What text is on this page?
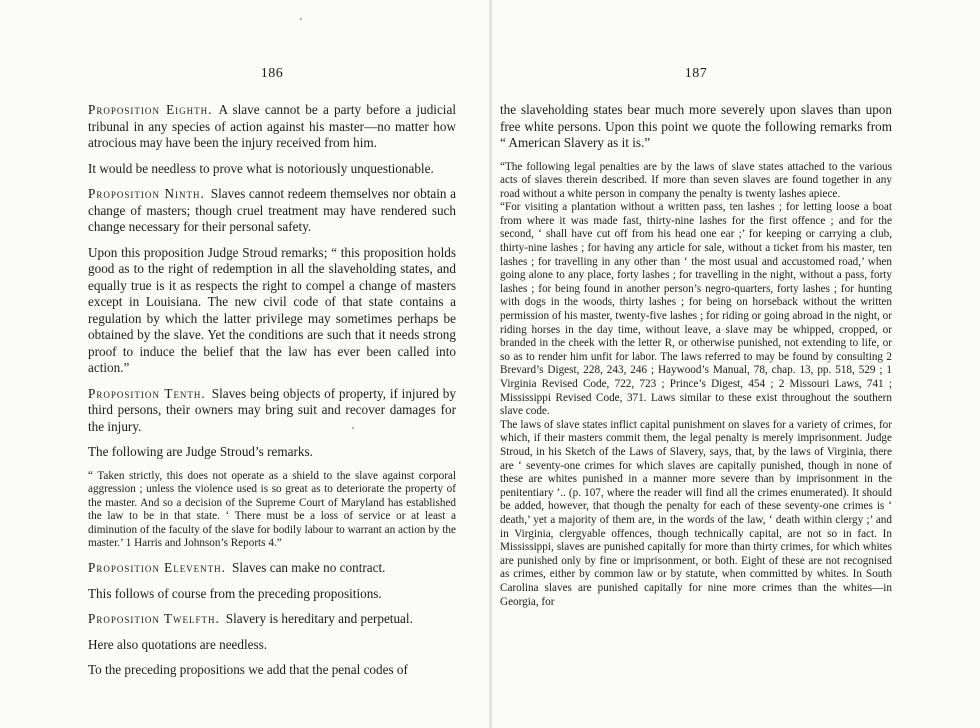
186

Proposition Eighth. A slave cannot be a party before a judicial tribunal in any species of action against his master—no matter how atrocious may have been the injury received from him.

It would be needless to prove what is notoriously unquestionable.

Proposition Ninth. Slaves cannot redeem themselves nor obtain a change of masters; though cruel treatment may have rendered such change necessary for their personal safety.

Upon this proposition Judge Stroud remarks; “ this proposition holds good as to the right of redemption in all the slaveholding states, and equally true is it as respects the right to compel a change of masters except in Louisiana. The new civil code of that state contains a regulation by which the latter privilege may sometimes perhaps be obtained by the slave. Yet the conditions are such that it needs strong proof to induce the belief that the law has ever been called into action.”

Proposition Tenth. Slaves being objects of property, if injured by third persons, their owners may bring suit and recover damages for the injury.

The following are Judge Stroud’s remarks.

“ Taken strictly, this does not operate as a shield to the slave against corporal aggression ; unless the violence used is so great as to deteriorate the property of the master. And so a decision of the Supreme Court of Maryland has established the law to be in that state. ‘ There must be a loss of service or at least a diminution of the faculty of the slave for bodily labour to warrant an action by the master.’ 1 Harris and Johnson’s Reports 4.”

Proposition Eleventh. Slaves can make no contract.

This follows of course from the preceding propositions.

Proposition Twelfth. Slavery is hereditary and perpetual.

Here also quotations are needless.

To the preceding propositions we add that the penal codes of

187

the slaveholding states bear much more severely upon slaves than upon free white persons. Upon this point we quote the following remarks from “ American Slavery as it is.”

“The following legal penalties are by the laws of slave states attached to the various acts of slaves therein described. If more than seven slaves are found together in any road without a white person in company the penalty is twenty lashes apiece.

“For visiting a plantation without a written pass, ten lashes ; for letting loose a boat from where it was made fast, thirty-nine lashes for the first offence ; and for the second, ‘ shall have cut off from his head one ear ;’ for keeping or carrying a club, thirty-nine lashes ; for having any article for sale, without a ticket from his master, ten lashes ; for travelling in any other than ‘ the most usual and accustomed road,’ when going alone to any place, forty lashes ; for travelling in the night, without a pass, forty lashes ; for being found in another person’s negro-quarters, forty lashes ; for hunting with dogs in the woods, thirty lashes ; for being on horseback without the written permission of his master, twenty-five lashes ; for riding or going abroad in the night, or riding horses in the day time, without leave, a slave may be whipped, cropped, or branded in the cheek with the letter R, or otherwise punished, not extending to life, or so as to render him unfit for labor. The laws referred to may be found by consulting 2 Brevard’s Digest, 228, 243, 246 ; Haywood’s Manual, 78, chap. 13, pp. 518, 529 ; 1 Virginia Revised Code, 722, 723 ; Prince’s Digest, 454 ; 2 Missouri Laws, 741 ; Mississippi Revised Code, 371. Laws similar to these exist throughout the southern slave code.

The laws of slave states inflict capital punishment on slaves for a variety of crimes, for which, if their masters commit them, the legal penalty is merely imprisonment. Judge Stroud, in his Sketch of the Laws of Slavery, says, that, by the laws of Virginia, there are ‘ seventy-one crimes for which slaves are capitally punished, though in none of these are whites punished in a manner more severe than by imprisonment in the penitentiary ’.. (p. 107, where the reader will find all the crimes enumerated). It should be added, however, that though the penalty for each of these seventy-one crimes is ‘ death,’ yet a majority of them are, in the words of the law, ‘ death within clergy ;’ and in Virginia, clergyable offences, though technically capital, are not so in fact. In Mississippi, slaves are punished capitally for more than thirty crimes, for which whites are punished only by fine or imprisonment, or both. Eight of these are not recognised as crimes, either by common law or by statute, when committed by whites. In South Carolina slaves are punished capitally for nine more crimes than the whites—in Georgia, for
